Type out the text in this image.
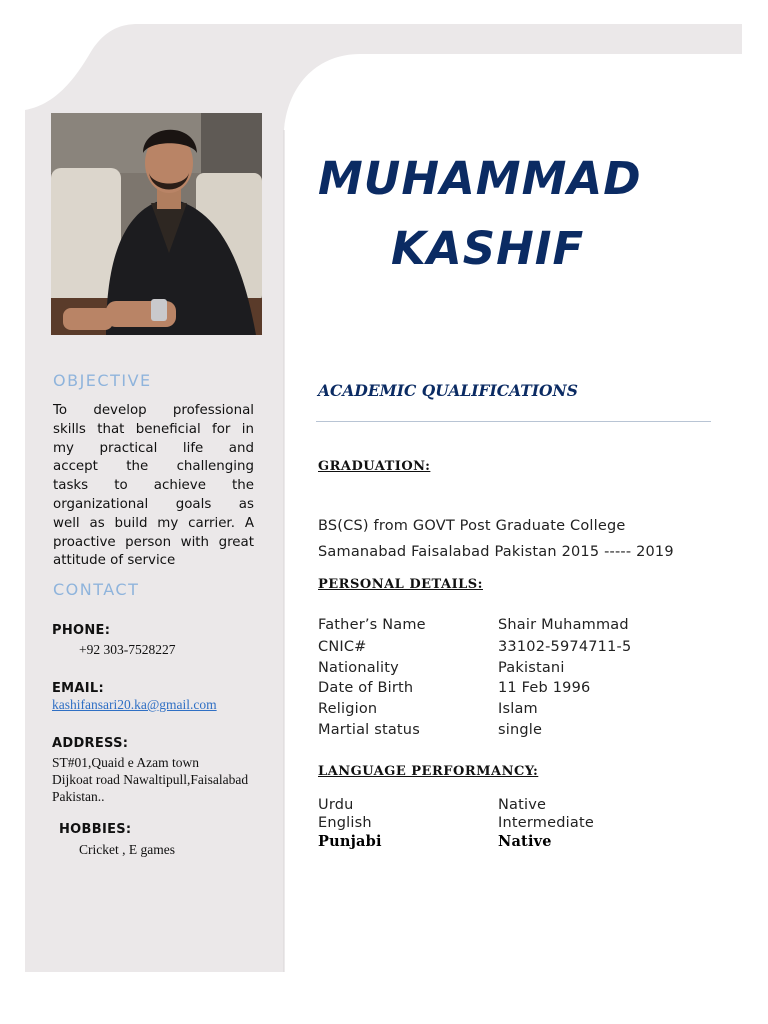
OBJECTIVE
To develop professional
skills that beneficial for in
my practical life and
accept the challenging
tasks to achieve the
organizational goals as
well as build my carrier. A
proactive person with great
attitude of service
CONTACT
PHONE:
+92 303-7528227
EMAIL:
kashifansari20.ka@gmail.com
ADDRESS:
ST#01,Quaid e Azam town
Dijkoat road Nawaltipull,Faisalabad
Pakistan..
HOBBIES:
Cricket , E games
MUHAMMAD
KASHIF
ACADEMIC QUALIFICATIONS
GRADUATION:
BS(CS) from GOVT Post Graduate College
Samanabad Faisalabad Pakistan 2015 ----- 2019
PERSONAL DETAILS:
Father’s Name	Shair Muhammad
CNIC#	33102-5974711-5
Nationality	Pakistani
Date of Birth	11 Feb 1996
Religion	Islam
Martial status	single
LANGUAGE PERFORMANCY:
Urdu	Native
English	Intermediate
Punjabi	Native
